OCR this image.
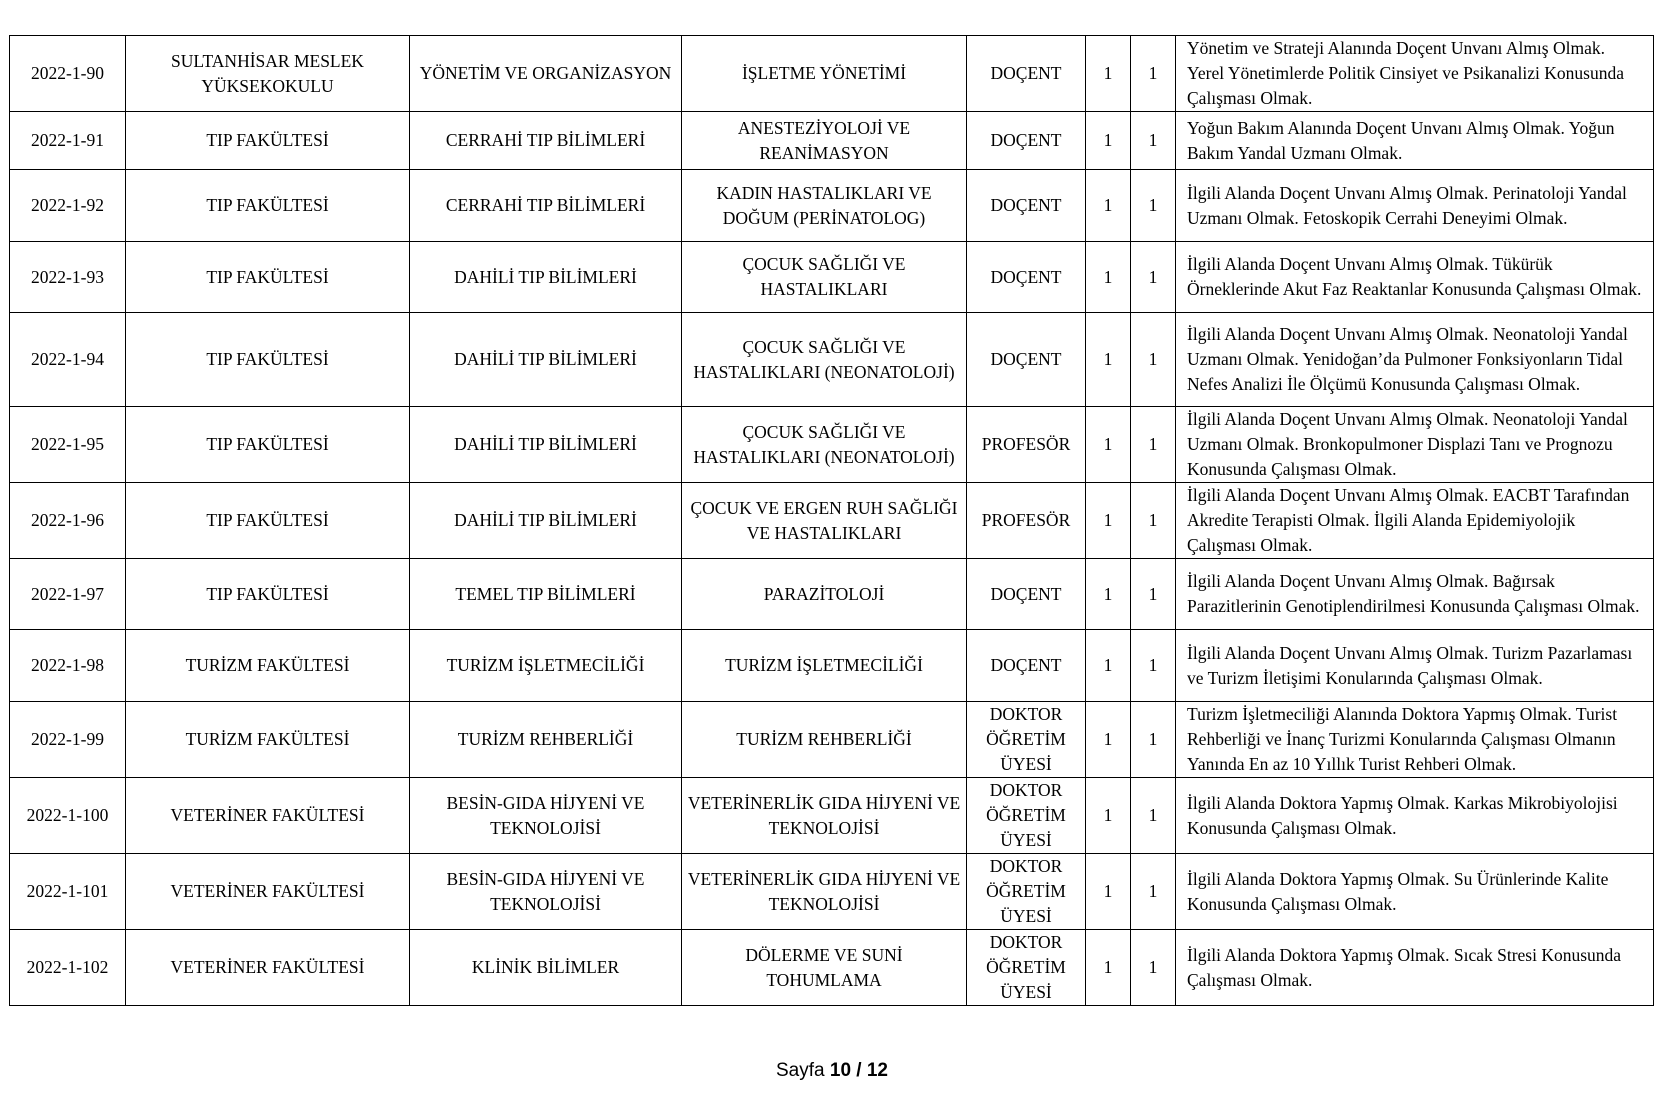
2022-1-90	SULTANHİSAR MESLEK YÜKSEKOKULU	YÖNETİM VE ORGANİZASYON	İŞLETME YÖNETİMİ	DOÇENT	1	1	Yönetim ve Strateji Alanında Doçent Unvanı Almış Olmak. Yerel Yönetimlerde Politik Cinsiyet ve Psikanalizi Konusunda Çalışması Olmak.
2022-1-91	TIP FAKÜLTESİ	CERRAHİ TIP BİLİMLERİ	ANESTEZİYOLOJİ VE REANİMASYON	DOÇENT	1	1	Yoğun Bakım Alanında Doçent Unvanı Almış Olmak. Yoğun Bakım Yandal Uzmanı Olmak.
2022-1-92	TIP FAKÜLTESİ	CERRAHİ TIP BİLİMLERİ	KADIN HASTALIKLARI VE DOĞUM (PERİNATOLOG)	DOÇENT	1	1	İlgili Alanda Doçent Unvanı Almış Olmak. Perinatoloji Yandal Uzmanı Olmak. Fetoskopik Cerrahi Deneyimi Olmak.
2022-1-93	TIP FAKÜLTESİ	DAHİLİ TIP BİLİMLERİ	ÇOCUK SAĞLIĞI VE HASTALIKLARI	DOÇENT	1	1	İlgili Alanda Doçent Unvanı Almış Olmak. Tükürük Örneklerinde Akut Faz Reaktanlar Konusunda Çalışması Olmak.
2022-1-94	TIP FAKÜLTESİ	DAHİLİ TIP BİLİMLERİ	ÇOCUK SAĞLIĞI VE HASTALIKLARI (NEONATOLOJİ)	DOÇENT	1	1	İlgili Alanda Doçent Unvanı Almış Olmak. Neonatoloji Yandal Uzmanı Olmak. Yenidoğan’da Pulmoner Fonksiyonların Tidal Nefes Analizi İle Ölçümü Konusunda Çalışması Olmak.
2022-1-95	TIP FAKÜLTESİ	DAHİLİ TIP BİLİMLERİ	ÇOCUK SAĞLIĞI VE HASTALIKLARI (NEONATOLOJİ)	PROFESÖR	1	1	İlgili Alanda Doçent Unvanı Almış Olmak. Neonatoloji Yandal Uzmanı Olmak. Bronkopulmoner Displazi Tanı ve Prognozu Konusunda Çalışması Olmak.
2022-1-96	TIP FAKÜLTESİ	DAHİLİ TIP BİLİMLERİ	ÇOCUK VE ERGEN RUH SAĞLIĞI VE HASTALIKLARI	PROFESÖR	1	1	İlgili Alanda Doçent Unvanı Almış Olmak. EACBT Tarafından Akredite Terapisti Olmak. İlgili Alanda Epidemiyolojik Çalışması Olmak.
2022-1-97	TIP FAKÜLTESİ	TEMEL TIP BİLİMLERİ	PARAZİTOLOJİ	DOÇENT	1	1	İlgili Alanda Doçent Unvanı Almış Olmak. Bağırsak Parazitlerinin Genotiplendirilmesi Konusunda Çalışması Olmak.
2022-1-98	TURİZM FAKÜLTESİ	TURİZM İŞLETMECİLİĞİ	TURİZM İŞLETMECİLİĞİ	DOÇENT	1	1	İlgili Alanda Doçent Unvanı Almış Olmak. Turizm Pazarlaması ve Turizm İletişimi Konularında Çalışması Olmak.
2022-1-99	TURİZM FAKÜLTESİ	TURİZM REHBERLİĞİ	TURİZM REHBERLİĞİ	DOKTOR ÖĞRETİM ÜYESİ	1	1	Turizm İşletmeciliği Alanında Doktora Yapmış Olmak. Turist Rehberliği ve İnanç Turizmi Konularında Çalışması Olmanın Yanında En az 10 Yıllık Turist Rehberi Olmak.
2022-1-100	VETERİNER FAKÜLTESİ	BESİN-GIDA HİJYENİ VE TEKNOLOJİSİ	VETERİNERLİK GIDA HİJYENİ VE TEKNOLOJİSİ	DOKTOR ÖĞRETİM ÜYESİ	1	1	İlgili Alanda Doktora Yapmış Olmak. Karkas Mikrobiyolojisi Konusunda Çalışması Olmak.
2022-1-101	VETERİNER FAKÜLTESİ	BESİN-GIDA HİJYENİ VE TEKNOLOJİSİ	VETERİNERLİK GIDA HİJYENİ VE TEKNOLOJİSİ	DOKTOR ÖĞRETİM ÜYESİ	1	1	İlgili Alanda Doktora Yapmış Olmak. Su Ürünlerinde Kalite Konusunda Çalışması Olmak.
2022-1-102	VETERİNER FAKÜLTESİ	KLİNİK BİLİMLER	DÖLERME VE SUNİ TOHUMLAMA	DOKTOR ÖĞRETİM ÜYESİ	1	1	İlgili Alanda Doktora Yapmış Olmak. Sıcak Stresi Konusunda Çalışması Olmak.
Sayfa 10 / 12
